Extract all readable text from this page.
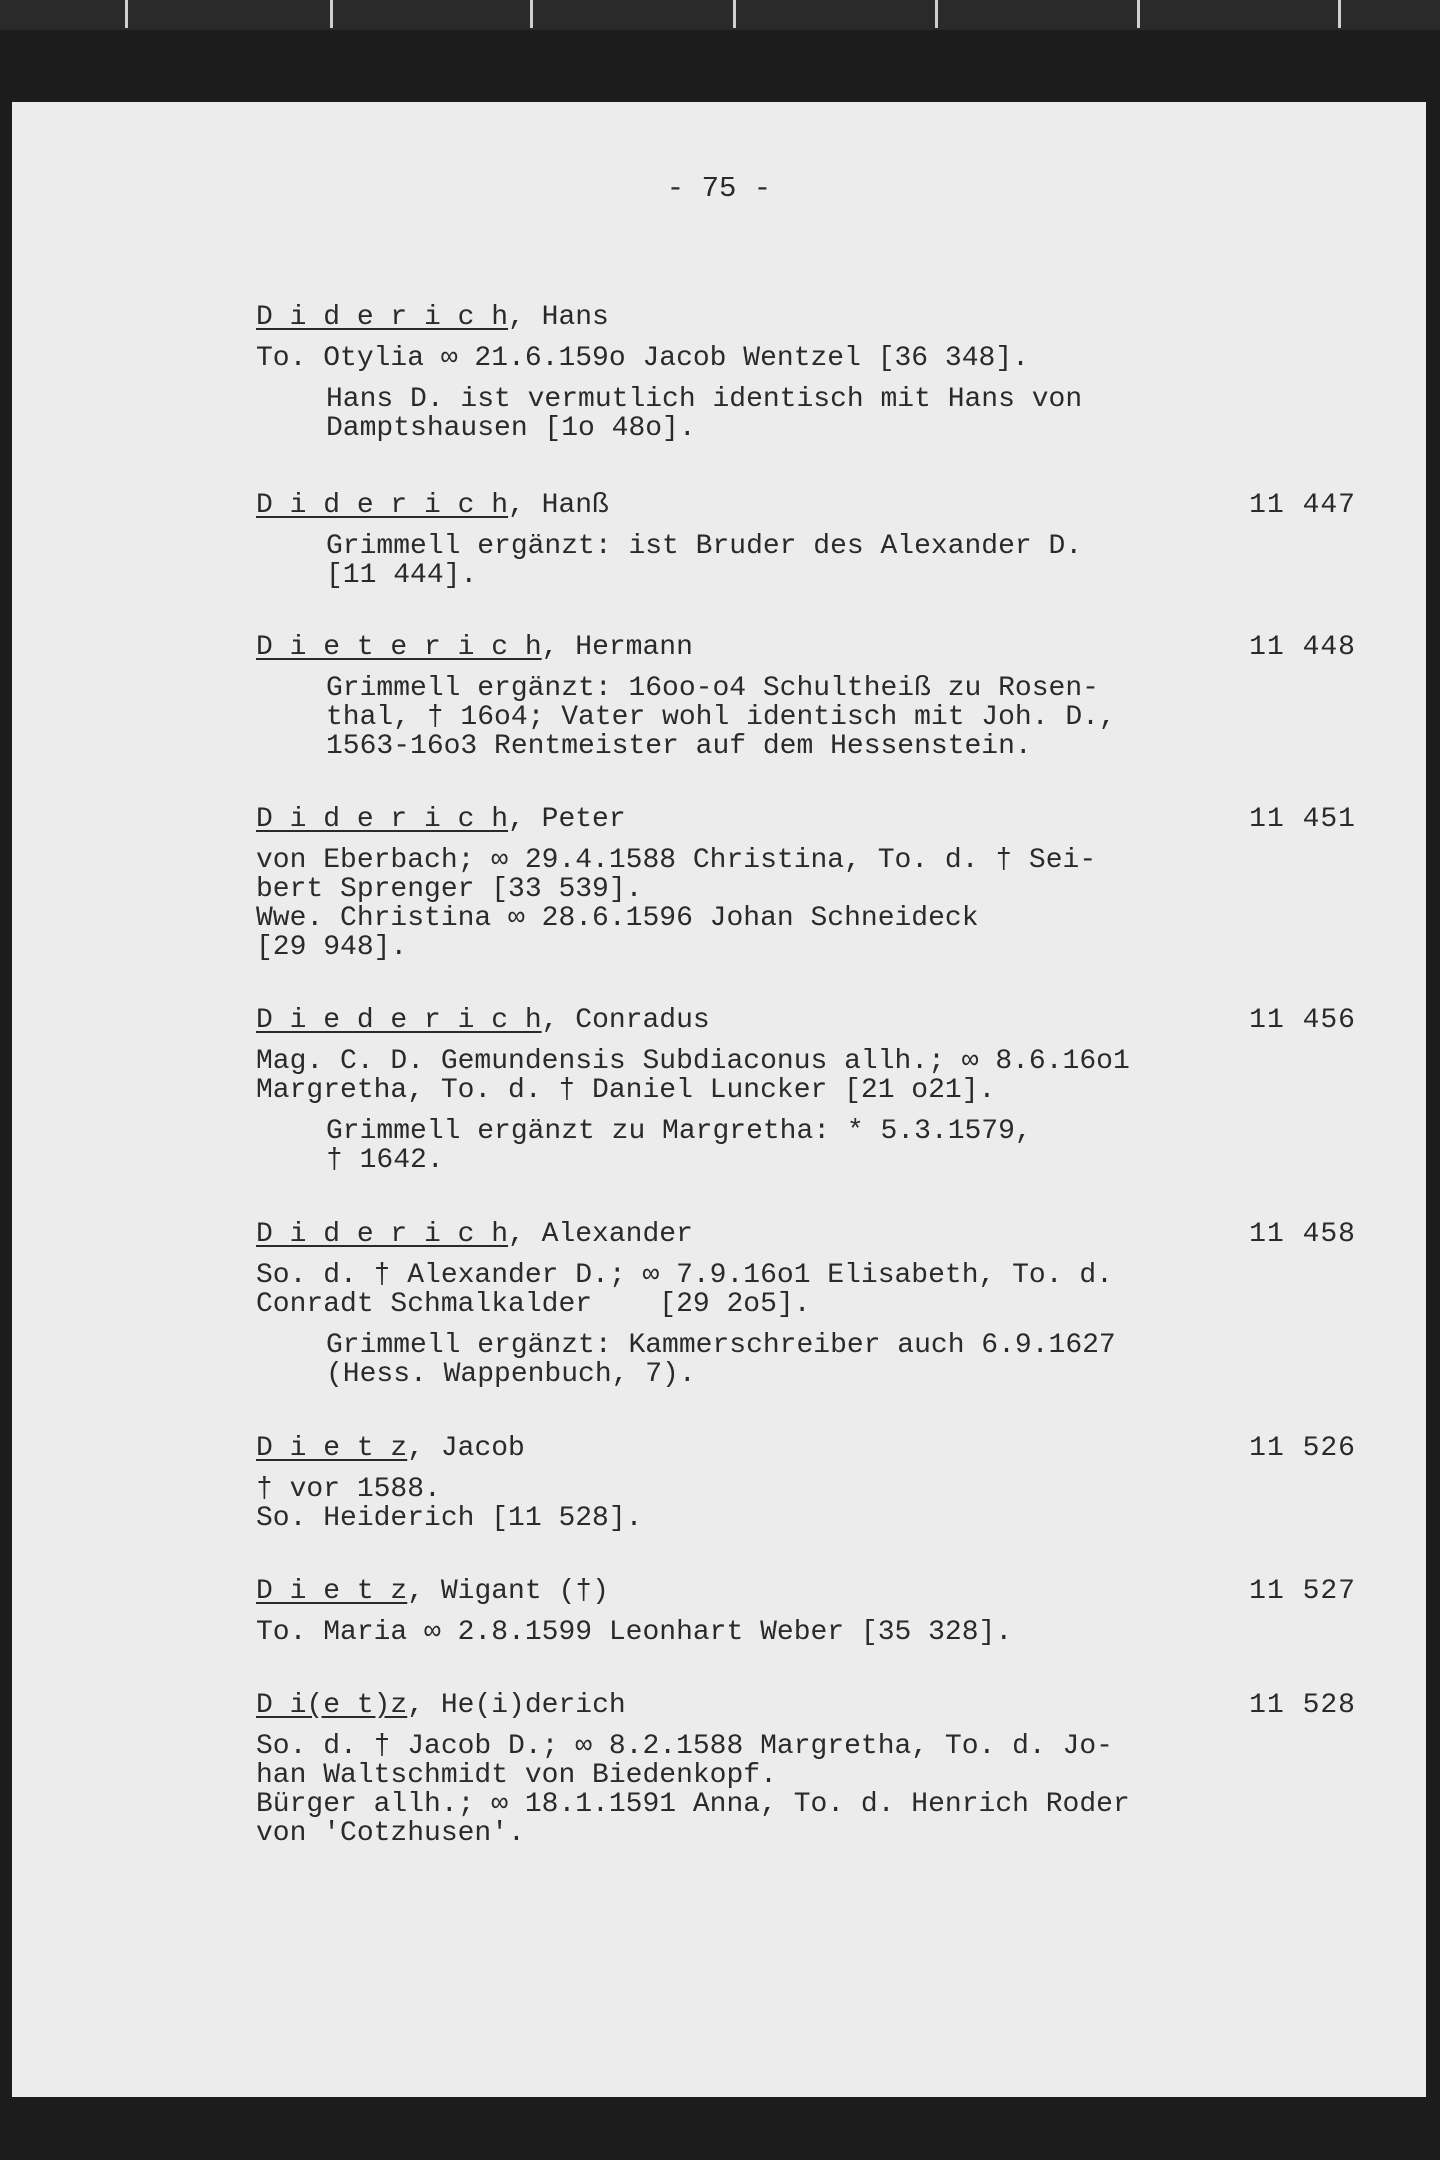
- 75 -
D i d e r i c h, Hans
To. Otylia ∞ 21.6.159o Jacob Wentzel [36 348].
Hans D. ist vermutlich identisch mit Hans von
Damptshausen [1o 48o].
D i d e r i c h, Hanß	11 447
Grimmell ergänzt: ist Bruder des Alexander D.
[11 444].
D i e t e r i c h, Hermann	11 448
Grimmell ergänzt: 16oo-o4 Schultheiß zu Rosen-
thal, † 16o4; Vater wohl identisch mit Joh. D.,
1563-16o3 Rentmeister auf dem Hessenstein.
D i d e r i c h, Peter	11 451
von Eberbach; ∞ 29.4.1588 Christina, To. d. † Sei-
bert Sprenger [33 539].
Wwe. Christina ∞ 28.6.1596 Johan Schneideck
[29 948].
D i e d e r i c h, Conradus	11 456
Mag. C. D. Gemundensis Subdiaconus allh.; ∞ 8.6.16o1
Margretha, To. d. † Daniel Luncker [21 o21].
Grimmell ergänzt zu Margretha: * 5.3.1579,
† 1642.
D i d e r i c h, Alexander	11 458
So. d. † Alexander D.; ∞ 7.9.16o1 Elisabeth, To. d.
Conradt Schmalkalder    [29 2o5].
Grimmell ergänzt: Kammerschreiber auch 6.9.1627
(Hess. Wappenbuch, 7).
D i e t z, Jacob	11 526
† vor 1588.
So. Heiderich [11 528].
D i e t z, Wigant (†)	11 527
To. Maria ∞ 2.8.1599 Leonhart Weber [35 328].
D i(e t)z, He(i)derich	11 528
So. d. † Jacob D.; ∞ 8.2.1588 Margretha, To. d. Jo-
han Waltschmidt von Biedenkopf.
Bürger allh.; ∞ 18.1.1591 Anna, To. d. Henrich Roder
von 'Cotzhusen'.
